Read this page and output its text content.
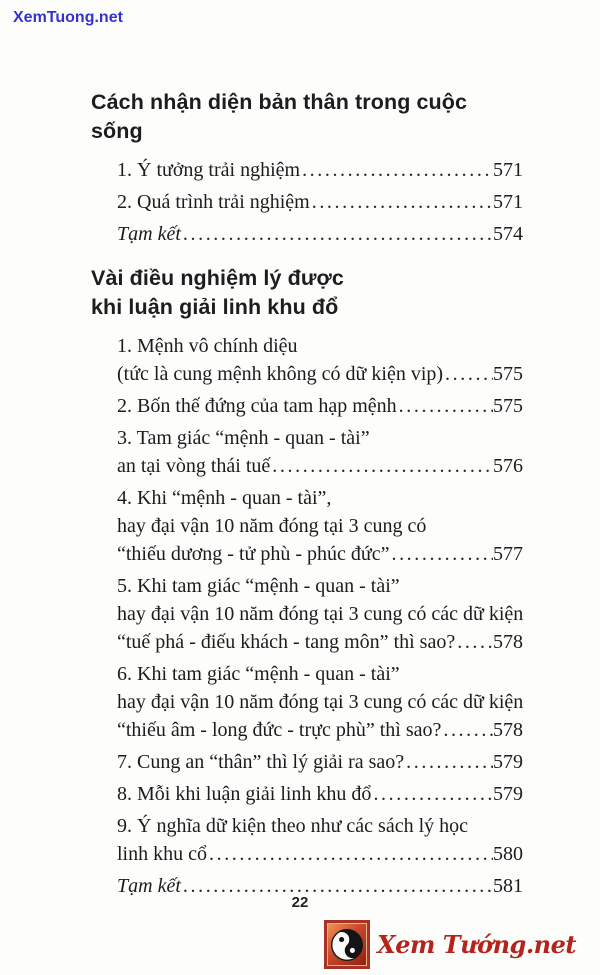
XemTuong.net
Cách nhận diện bản thân trong cuộc sống
1. Ý tưởng trải nghiệm .....	571
2. Quá trình trải nghiệm .....	571
Tạm kết .....	574
Vài điều nghiệm lý được
khi luận giải linh khu đổ
1. Mệnh vô chính diệu
(tức là cung mệnh không có dữ kiện vip) ..... 575
2. Bốn thế đứng của tam hạp mệnh .....	575
3. Tam giác “mệnh - quan - tài”
an tại vòng thái tuế .....	576
4. Khi “mệnh - quan - tài”,
hay đại vận 10 năm đóng tại 3 cung có
“thiếu dương - tử phù - phúc đức” .....	577
5. Khi tam giác “mệnh - quan - tài”
hay đại vận 10 năm đóng tại 3 cung có các dữ kiện
“tuế phá - điếu khách - tang môn” thì sao? ..... 578
6. Khi tam giác “mệnh - quan - tài”
hay đại vận 10 năm đóng tại 3 cung có các dữ kiện
“thiếu âm - long đức - trực phù” thì sao? .....	578
7. Cung an “thân” thì lý giải ra sao? .....	579
8. Mỗi khi luận giải linh khu đổ .....	579
9. Ý nghĩa dữ kiện theo như các sách lý học
linh khu cổ .....	580
Tạm kết .....	581
22
Xem Tướng.net
